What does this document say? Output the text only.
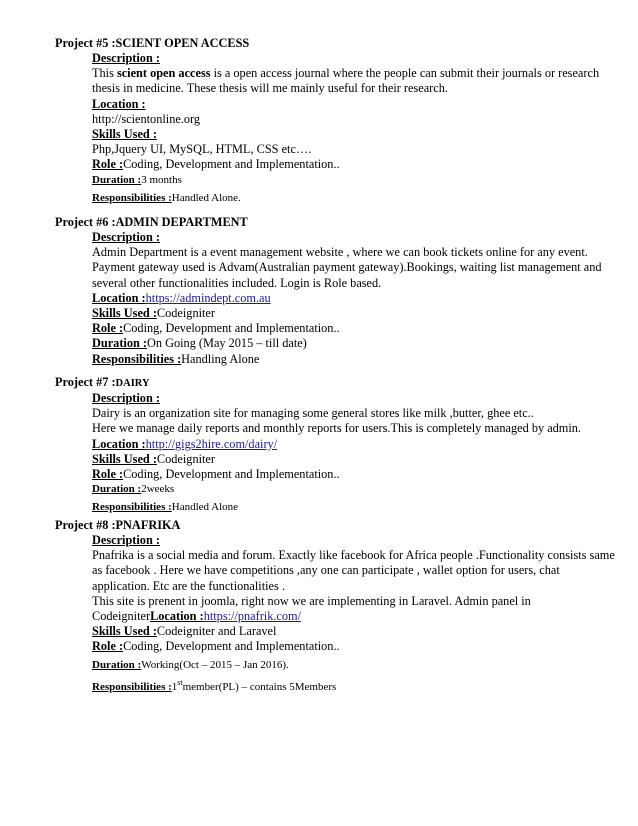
Project #5 :SCIENT OPEN ACCESS
Description :
This scient open access is a open access journal where the people can submit their journals or research
thesis in medicine. These thesis will me mainly useful for their research.
Location :
http://scientonline.org
Skills Used :
Php,Jquery UI, MySQL, HTML, CSS etc….
Role :Coding, Development and Implementation..
Duration :3 months
Responsibilities :Handled Alone.
Project #6 :ADMIN DEPARTMENT
Description :
Admin Department is a event management website , where we can book tickets online for any event.
Payment gateway used is Advam(Australian payment gateway).Bookings, waiting list management and
several other functionalities included. Login is Role based.
Location :https://admindept.com.au
Skills Used :Codeigniter
Role :Coding, Development and Implementation..
Duration :On Going (May 2015 – till date)
Responsibilities :Handling Alone
Project #7 :DAIRY
Description :
Dairy is an organization site for managing some general stores like milk ,butter, ghee etc..
Here we manage daily reports and monthly reports for users.This is completely managed by admin.
Location :http://gigs2hire.com/dairy/
Skills Used :Codeigniter
Role :Coding, Development and Implementation..
Duration :2weeks
Responsibilities :Handled Alone
Project #8 :PNAFRIKA
Description :
Pnafrika is a social media and forum. Exactly like facebook for Africa people .Functionality consists same
as facebook . Here we have competitions ,any one can participate , wallet option for users, chat
application. Etc are the functionalities .
This site is prenent in joomla, right now we are implementing in Laravel. Admin panel in
CodeigniterLocation :https://pnafrik.com/
Skills Used :Codeigniter and Laravel
Role :Coding, Development and Implementation..
Duration :Working(Oct – 2015 – Jan 2016).
Responsibilities :1stmember(PL) – contains 5Members
